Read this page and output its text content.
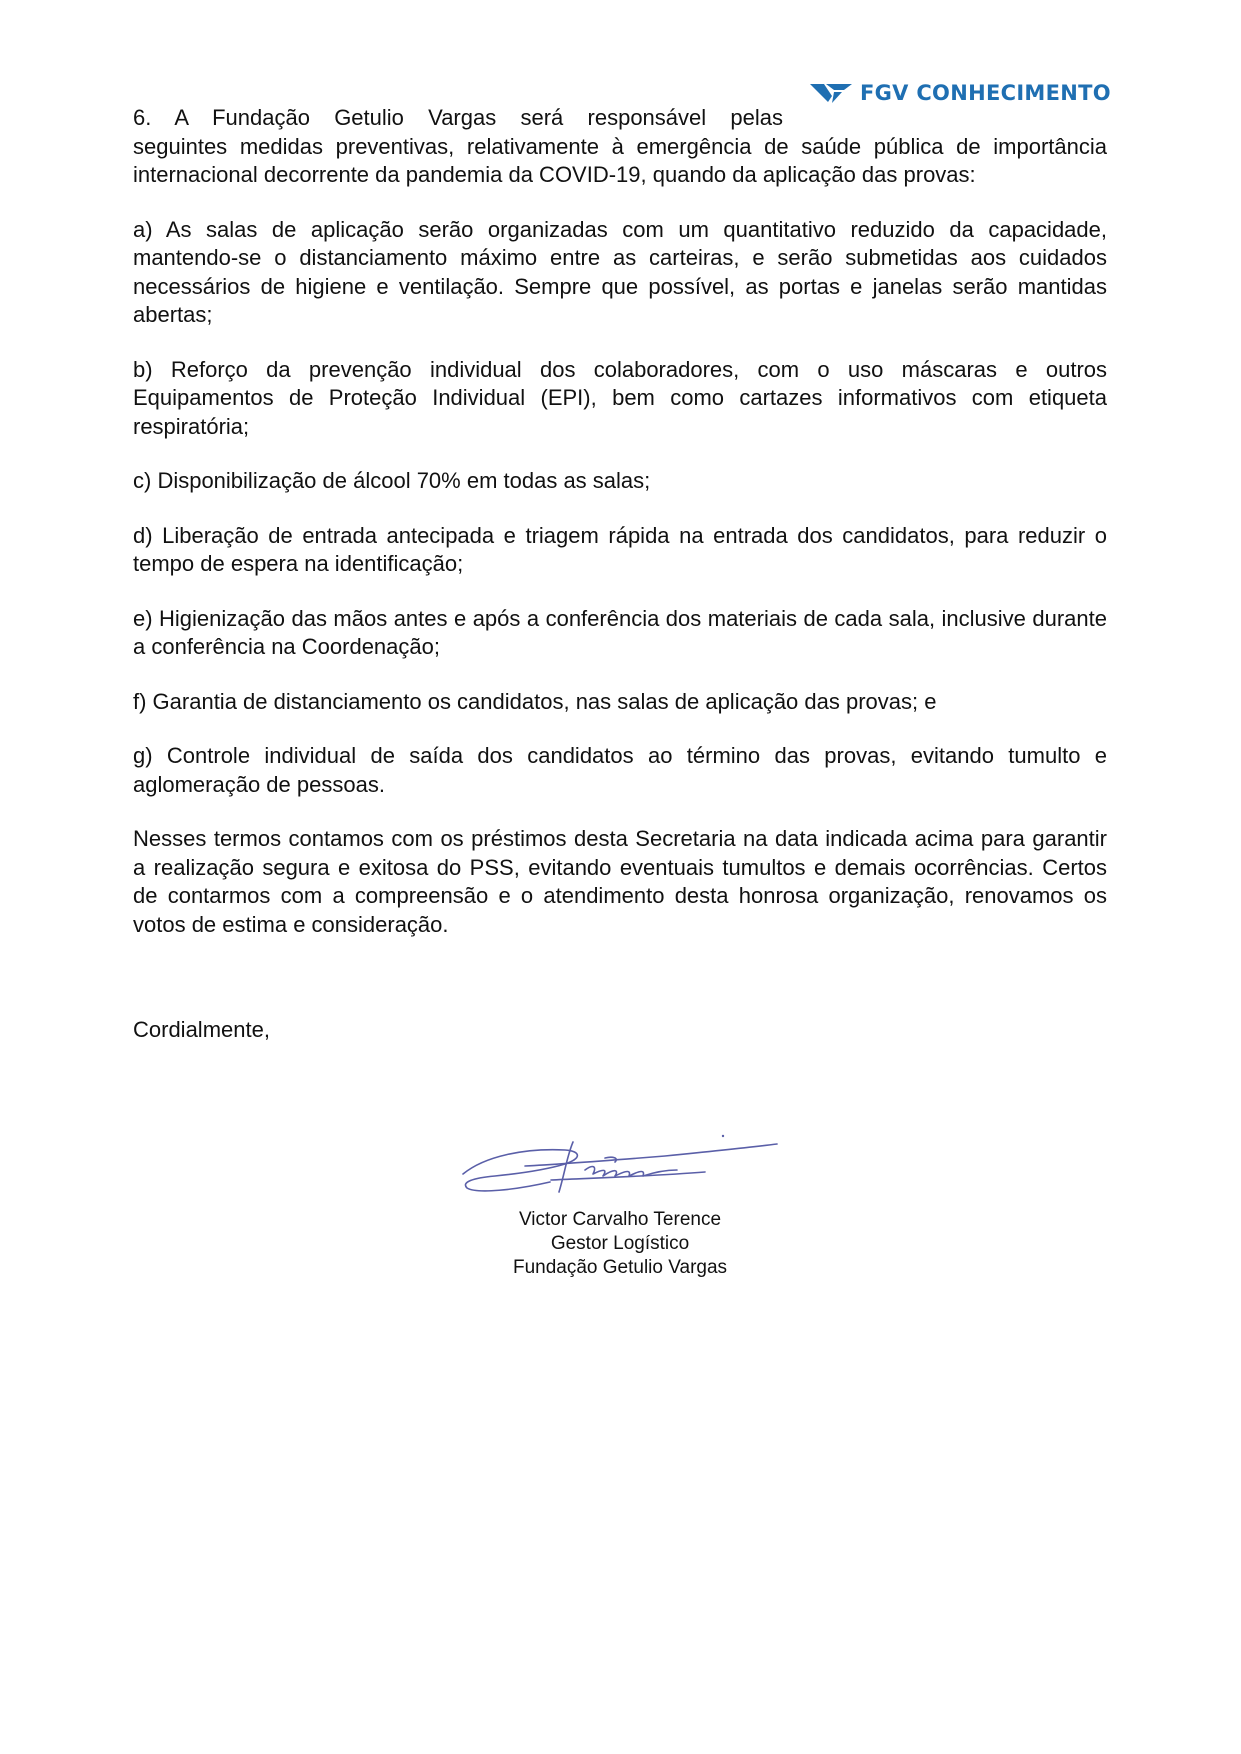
FGV CONHECIMENTO

6. A Fundação Getulio Vargas será responsável pelas
seguintes medidas preventivas, relativamente à emergência de saúde pública de importância internacional decorrente da pandemia da COVID-19, quando da aplicação das provas:

a) As salas de aplicação serão organizadas com um quantitativo reduzido da capacidade, mantendo-se o distanciamento máximo entre as carteiras, e serão submetidas aos cuidados necessários de higiene e ventilação. Sempre que possível, as portas e janelas serão mantidas abertas;

b) Reforço da prevenção individual dos colaboradores, com o uso máscaras e outros Equipamentos de Proteção Individual (EPI), bem como cartazes informativos com etiqueta respiratória;

c) Disponibilização de álcool 70% em todas as salas;

d) Liberação de entrada antecipada e triagem rápida na entrada dos candidatos, para reduzir o tempo de espera na identificação;

e) Higienização das mãos antes e após a conferência dos materiais de cada sala, inclusive durante a conferência na Coordenação;

f) Garantia de distanciamento os candidatos, nas salas de aplicação das provas; e

g) Controle individual de saída dos candidatos ao término das provas, evitando tumulto e aglomeração de pessoas.

Nesses termos contamos com os préstimos desta Secretaria na data indicada acima para garantir a realização segura e exitosa do PSS, evitando eventuais tumultos e demais ocorrências. Certos de contarmos com a compreensão e o atendimento desta honrosa organização, renovamos os votos de estima e consideração.

Cordialmente,
Victor Carvalho Terence
Gestor Logístico
Fundação Getulio Vargas
